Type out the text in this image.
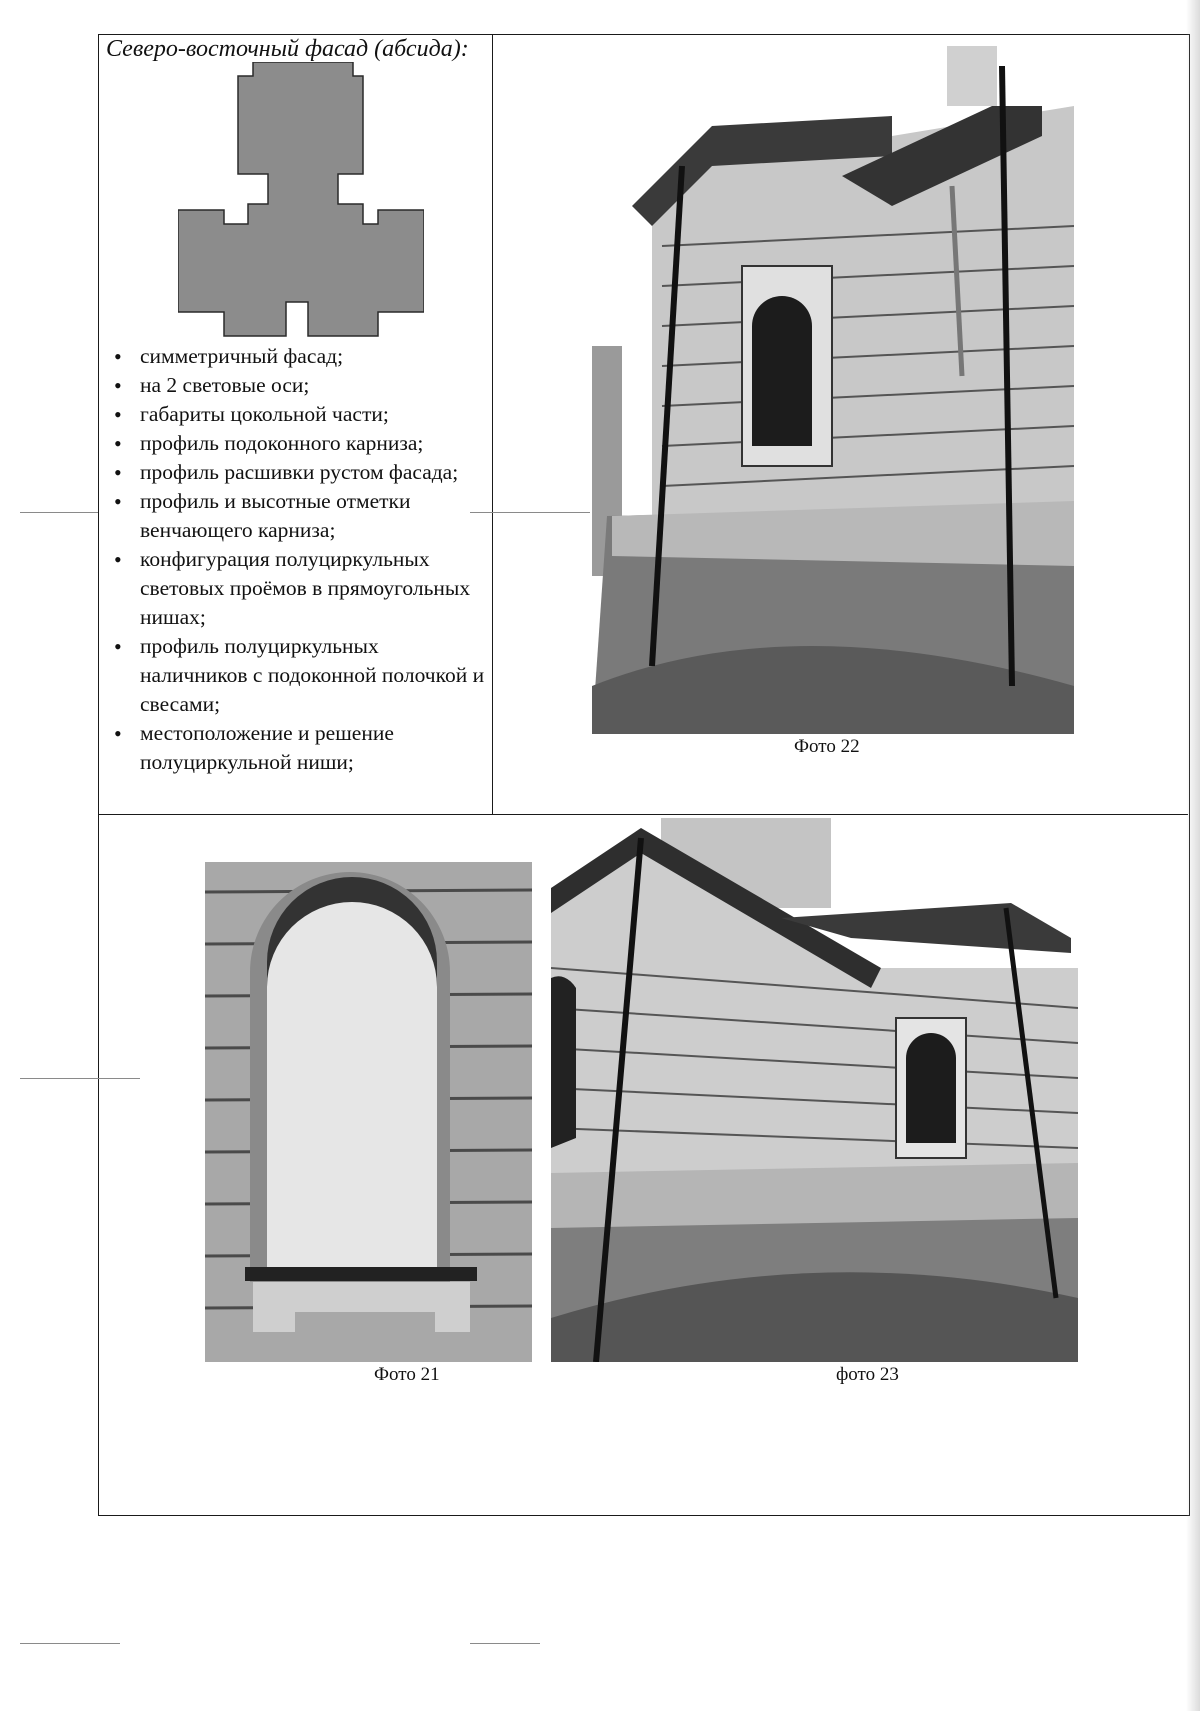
Северо-восточный фасад (абсида):
• симметричный фасад;
• на 2 световые оси;
• габариты цокольной части;
• профиль подоконного карниза;
• профиль расшивки рустом фасада;
• профиль и высотные отметки венчающего карниза;
• конфигурация полуциркульных световых проёмов в прямоугольных нишах;
• профиль полуциркульных наличников с подоконной полочкой и свесами;
• местоположение и решение полуциркульной ниши;
Фото 22
Фото 21	фото 23
